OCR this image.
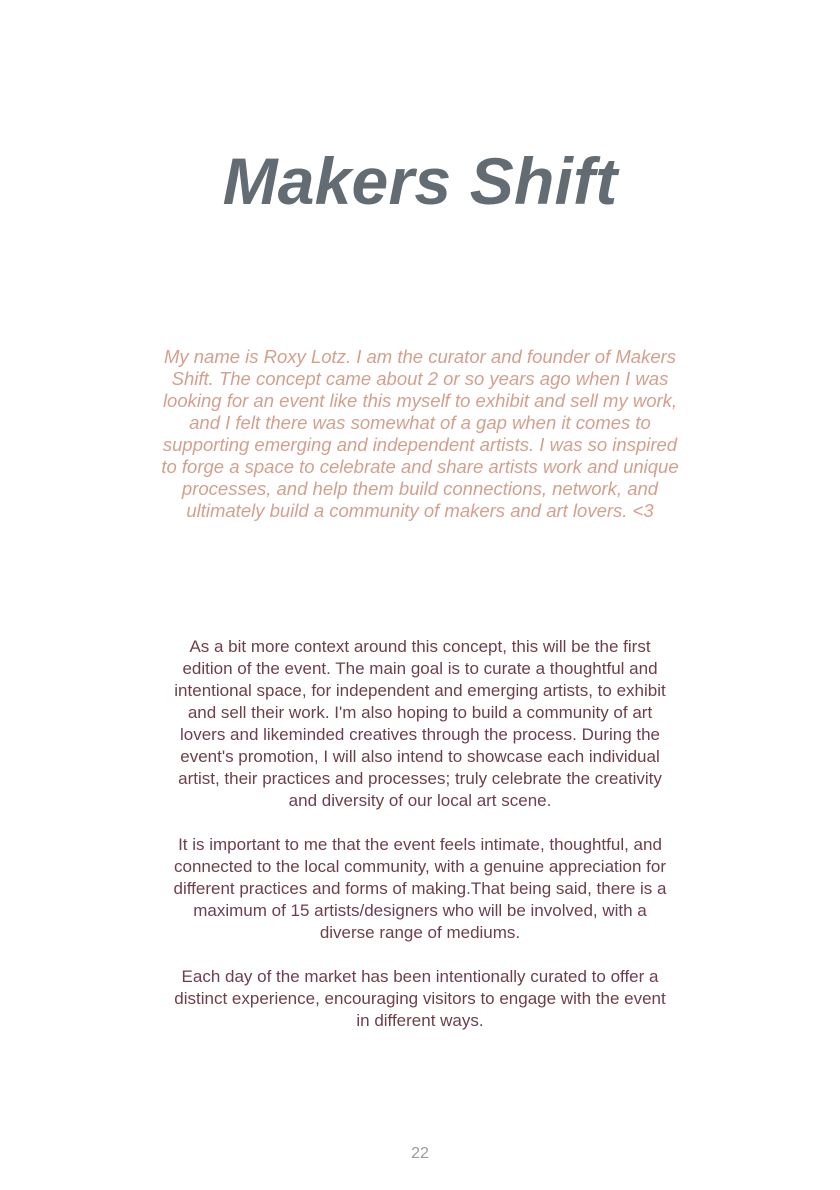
Makers Shift

My name is Roxy Lotz. I am the curator and founder of Makers Shift. The concept came about 2 or so years ago when I was looking for an event like this myself to exhibit and sell my work, and I felt there was somewhat of a gap when it comes to supporting emerging and independent artists. I was so inspired to forge a space to celebrate and share artists work and unique processes, and help them build connections, network, and ultimately build a community of makers and art lovers. <3

As a bit more context around this concept, this will be the first edition of the event. The main goal is to curate a thoughtful and intentional space, for independent and emerging artists, to exhibit and sell their work. I'm also hoping to build a community of art lovers and likeminded creatives through the process. During the event's promotion, I will also intend to showcase each individual artist, their practices and processes; truly celebrate the creativity and diversity of our local art scene.

It is important to me that the event feels intimate, thoughtful, and connected to the local community, with a genuine appreciation for different practices and forms of making.That being said, there is a maximum of 15 artists/designers who will be involved, with a diverse range of mediums.

Each day of the market has been intentionally curated to offer a distinct experience, encouraging visitors to engage with the event in different ways.

22
